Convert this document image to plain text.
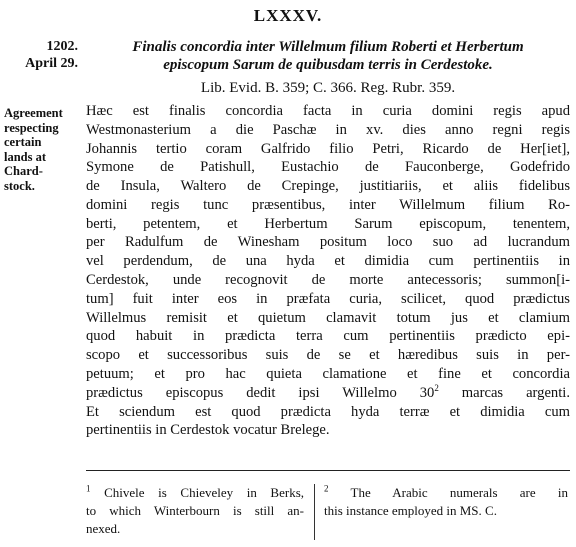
LXXXV.
1202.
April 29.
Finalis concordia inter Willelmum filium Roberti et Herbertum
episcopum Sarum de quibusdam terris in Cerdestoke.
Lib. Evid. B. 359; C. 366. Reg. Rubr. 359.
Agreement
respecting
certain
lands at
Chard-
stock.
Hæc est finalis concordia facta in curia domini regis apud
Westmonasterium a die Paschæ in xv. dies anno regni regis
Johannis tertio coram Galfrido filio Petri, Ricardo de Her[iet],
Symone de Patishull, Eustachio de Fauconberge, Godefrido
de Insula, Waltero de Crepinge, justitiariis, et aliis fidelibus
domini regis tunc præsentibus, inter Willelmum filium Ro-
berti, petentem, et Herbertum Sarum episcopum, tenentem,
per Radulfum de Winesham positum loco suo ad lucrandum
vel perdendum, de una hyda et dimidia cum pertinentiis in
Cerdestok, unde recognovit de morte antecessoris; summon[i-
tum] fuit inter eos in præfata curia, scilicet, quod prædictus
Willelmus remisit et quietum clamavit totum jus et clamium
quod habuit in prædicta terra cum pertinentiis prædicto epi-
scopo et successoribus suis de se et hæredibus suis in per-
petuum; et pro hac quieta clamatione et fine et concordia
prædictus episcopus dedit ipsi Willelmo $30^2$ marcas argenti.
Et sciendum est quod prædicta hyda terræ et dimidia cum
pertinentiis in Cerdestok vocatur Brelege.
$^1$ Chivele is Chieveley in Berks,
to which Winterbourn is still an-
nexed.
$^2$ The Arabic numerals are in
this instance employed in MS. C.
